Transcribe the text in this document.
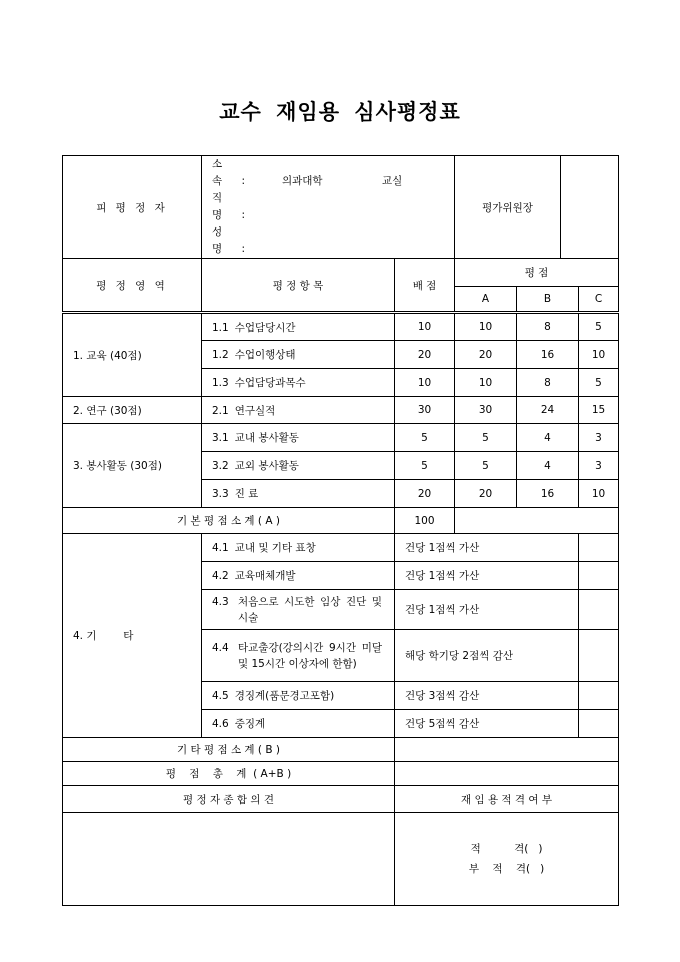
교수 재임용 심사평정표
피 평 정 자	소 속 : 의과대학 교실
직 명 :
성 명 :		평가위원장			
평 정 영 역	평 정 항 목	배 점	평 점			
			A	B		C
1. 교육 (40점)	1.1 수업담당시간	10	10	8		5
	1.2 수업이행상태	20	20	16		10
	1.3 수업담당과목수	10	10	8		5
2. 연구 (30점)	2.1 연구실적	30	30	24		15
3. 봉사활동 (30점)	3.1 교내 봉사활동	5	5	4		3
	3.2 교외 봉사활동	5	5	4		3
	3.3 진 료	20	20	16		10
기 본 평 점 소 계 ( A )		100				
4. 기        타	4.1 교내 및 기타 표창	건당 1점씩 가산				
	4.2 교육매체개발	건당 1점씩 가산				

	4.3 처음으로 시도한 임상 진단 및 시술	건당 1점씩 가산				

	4.4 타교출강(강의시간 9시간 미달 및 15시간 이상자에 한함)	해당 학기당 2점씩 감산				
	4.5 경징계(품문경고포함)	건당 3점씩 감산				
	4.6 중징계	건당 5점씩 감산				
기 타 평 점 소 계 ( B )						
평    점    총    계  ( A+B )						
평 정 자 종 합 의 견		재 임 용 적 격 여 부				

		적          격(   )
부    적    격(   )				
